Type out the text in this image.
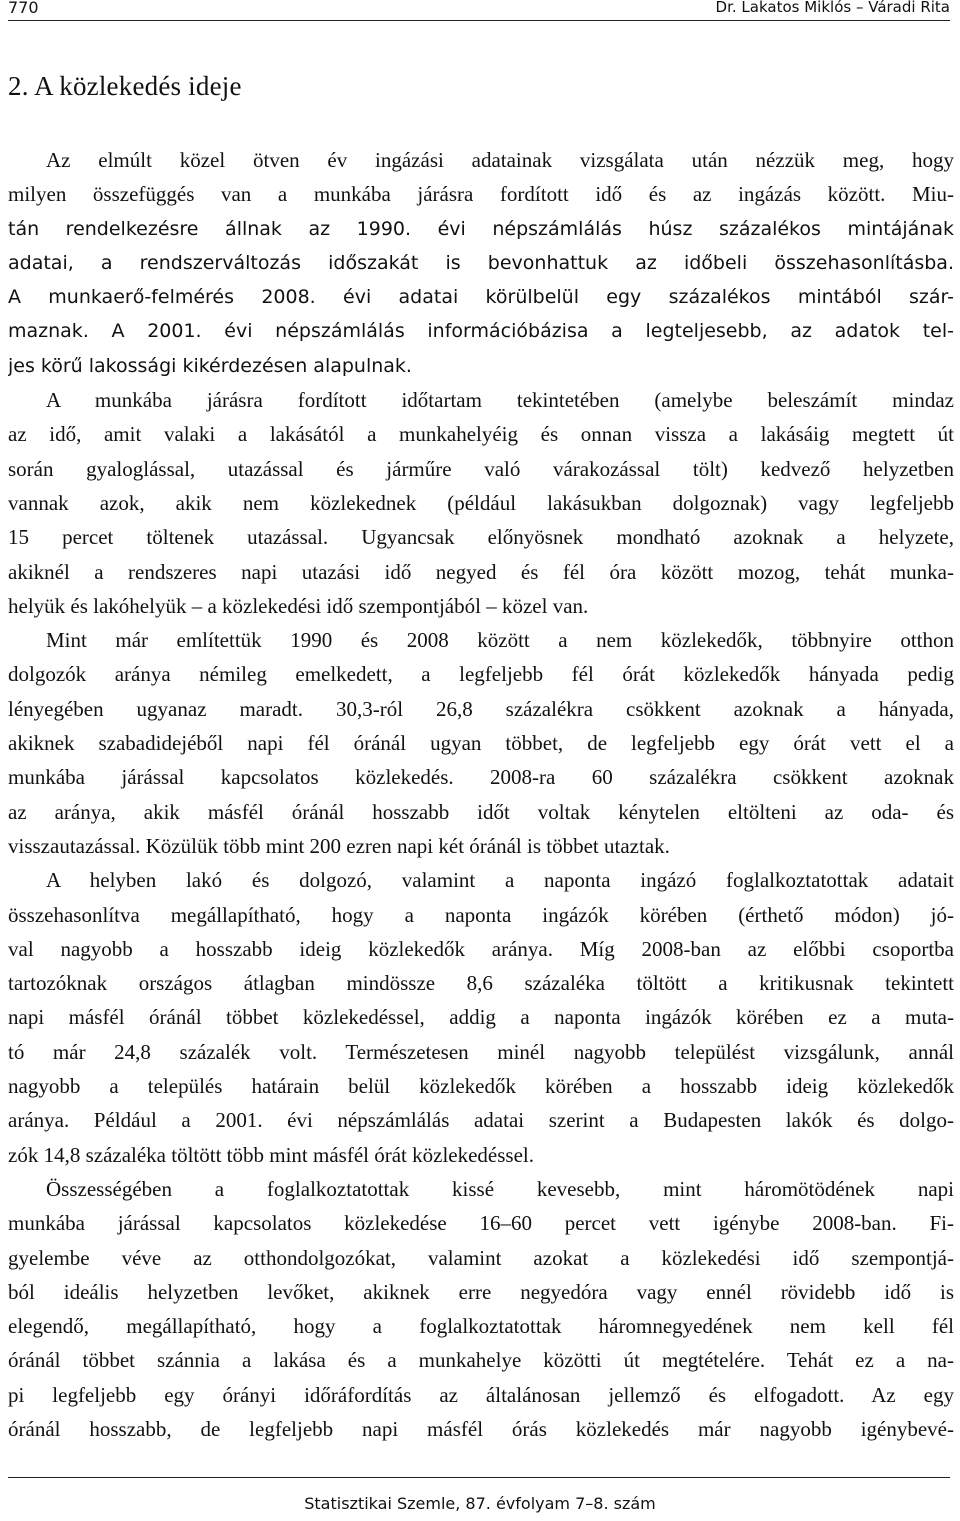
770	Dr. Lakatos Miklós – Váradi Rita
2. A közlekedés ideje
Az elmúlt közel ötven év ingázási adatainak vizsgálata után nézzük meg, hogy
milyen összefüggés van a munkába járásra fordított idő és az ingázás között. Miu-
tán rendelkezésre állnak az 1990. évi népszámlálás húsz százalékos mintájának
adatai, a rendszerváltozás időszakát is bevonhattuk az időbeli összehasonlításba.
A munkaerő-felmérés 2008. évi adatai körülbelül egy százalékos mintából szár-
maznak. A 2001. évi népszámlálás információbázisa a legteljesebb, az adatok tel-
jes körű lakossági kikérdezésen alapulnak.
A munkába járásra fordított időtartam tekintetében (amelybe beleszámít mindaz
az idő, amit valaki a lakásától a munkahelyéig és onnan vissza a lakásáig megtett út
során gyaloglással, utazással és járműre való várakozással tölt) kedvező helyzetben
vannak azok, akik nem közlekednek (például lakásukban dolgoznak) vagy legfeljebb
15 percet töltenek utazással. Ugyancsak előnyösnek mondható azoknak a helyzete,
akiknél a rendszeres napi utazási idő negyed és fél óra között mozog, tehát munka-
helyük és lakóhelyük – a közlekedési idő szempontjából – közel van.
Mint már említettük 1990 és 2008 között a nem közlekedők, többnyire otthon
dolgozók aránya némileg emelkedett, a legfeljebb fél órát közlekedők hányada pedig
lényegében ugyanaz maradt. 30,3-ról 26,8 százalékra csökkent azoknak a hányada,
akiknek szabadidejéből napi fél óránál ugyan többet, de legfeljebb egy órát vett el a
munkába járással kapcsolatos közlekedés. 2008-ra 60 százalékra csökkent azoknak
az aránya, akik másfél óránál hosszabb időt voltak kénytelen eltölteni az oda- és
visszautazással. Közülük több mint 200 ezren napi két óránál is többet utaztak.
A helyben lakó és dolgozó, valamint a naponta ingázó foglalkoztatottak adatait
összehasonlítva megállapítható, hogy a naponta ingázók körében (érthető módon) jó-
val nagyobb a hosszabb ideig közlekedők aránya. Míg 2008-ban az előbbi csoportba
tartozóknak országos átlagban mindössze 8,6 százaléka töltött a kritikusnak tekintett
napi másfél óránál többet közlekedéssel, addig a naponta ingázók körében ez a muta-
tó már 24,8 százalék volt. Természetesen minél nagyobb települést vizsgálunk, annál
nagyobb a település határain belül közlekedők körében a hosszabb ideig közlekedők
aránya. Például a 2001. évi népszámlálás adatai szerint a Budapesten lakók és dolgo-
zók 14,8 százaléka töltött több mint másfél órát közlekedéssel.
Összességében a foglalkoztatottak kissé kevesebb, mint háromötödének napi
munkába járással kapcsolatos közlekedése 16–60 percet vett igénybe 2008-ban. Fi-
gyelembe véve az otthondolgozókat, valamint azokat a közlekedési idő szempontjá-
ból ideális helyzetben levőket, akiknek erre negyedóra vagy ennél rövidebb idő is
elegendő, megállapítható, hogy a foglalkoztatottak háromnegyedének nem kell fél
óránál többet szánnia a lakása és a munkahelye közötti út megtételére. Tehát ez a na-
pi legfeljebb egy órányi időráfordítás az általánosan jellemző és elfogadott. Az egy
óránál hosszabb, de legfeljebb napi másfél órás közlekedés már nagyobb igénybevé-
Statisztikai Szemle, 87. évfolyam 7–8. szám
